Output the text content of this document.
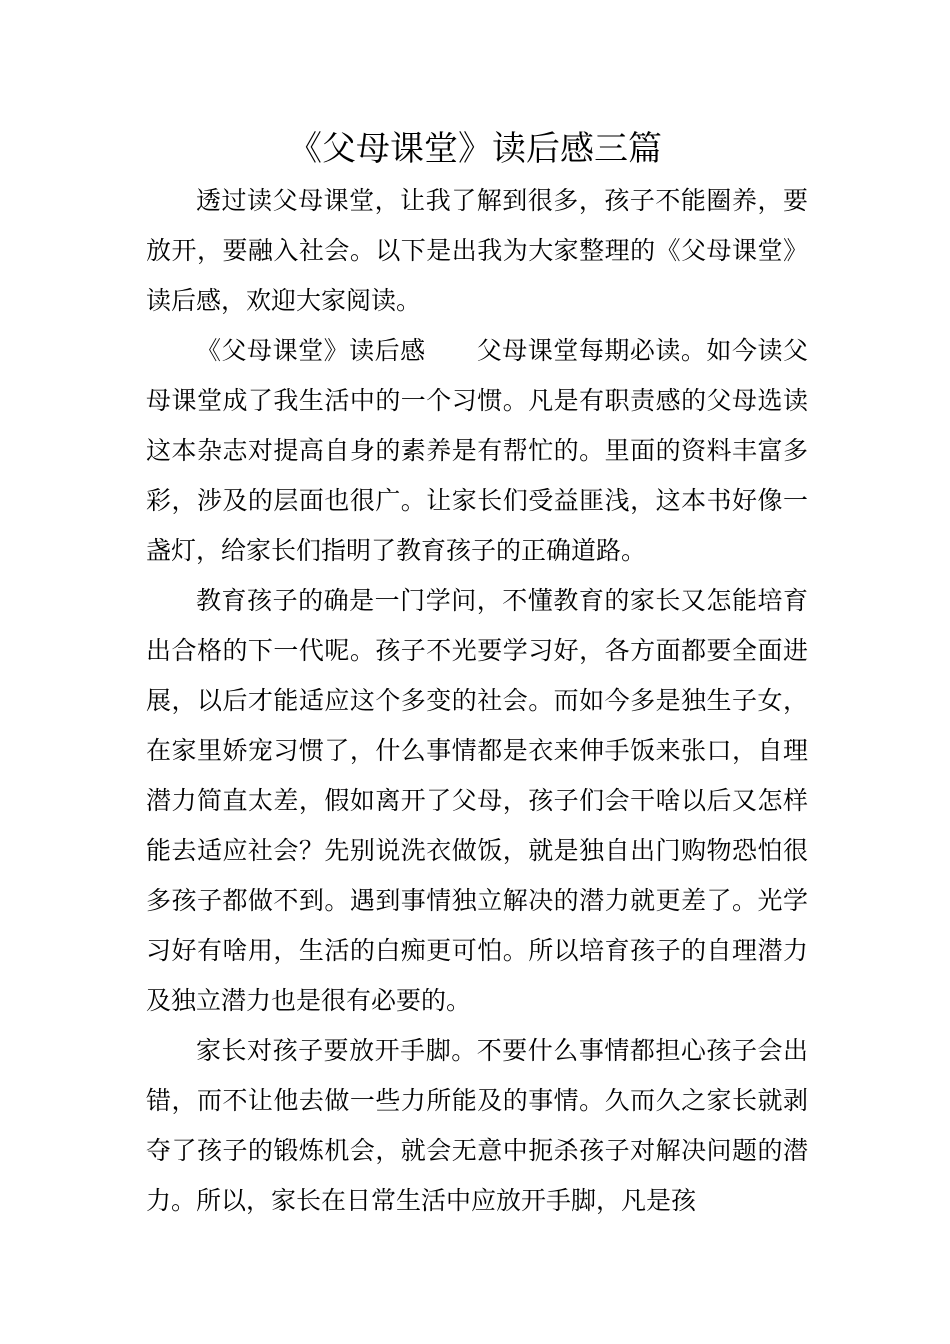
《父母课堂》读后感三篇

透过读父母课堂，让我了解到很多，孩子不能圈养，要放开，要融入社会。以下是出我为大家整理的《父母课堂》读后感，欢迎大家阅读。

《父母课堂》读后感　　父母课堂每期必读。如今读父母课堂成了我生活中的一个习惯。凡是有职责感的父母选读这本杂志对提高自身的素养是有帮忙的。里面的资料丰富多彩，涉及的层面也很广。让家长们受益匪浅，这本书好像一盏灯，给家长们指明了教育孩子的正确道路。

教育孩子的确是一门学问，不懂教育的家长又怎能培育出合格的下一代呢。孩子不光要学习好，各方面都要全面进展，以后才能适应这个多变的社会。而如今多是独生子女，在家里娇宠习惯了，什么事情都是衣来伸手饭来张口，自理潜力简直太差，假如离开了父母，孩子们会干啥以后又怎样能去适应社会？先别说洗衣做饭，就是独自出门购物恐怕很多孩子都做不到。遇到事情独立解决的潜力就更差了。光学习好有啥用，生活的白痴更可怕。所以培育孩子的自理潜力及独立潜力也是很有必要的。

家长对孩子要放开手脚。不要什么事情都担心孩子会出错，而不让他去做一些力所能及的事情。久而久之家长就剥夺了孩子的锻炼机会，就会无意中扼杀孩子对解决问题的潜力。所以，家长在日常生活中应放开手脚，凡是孩
